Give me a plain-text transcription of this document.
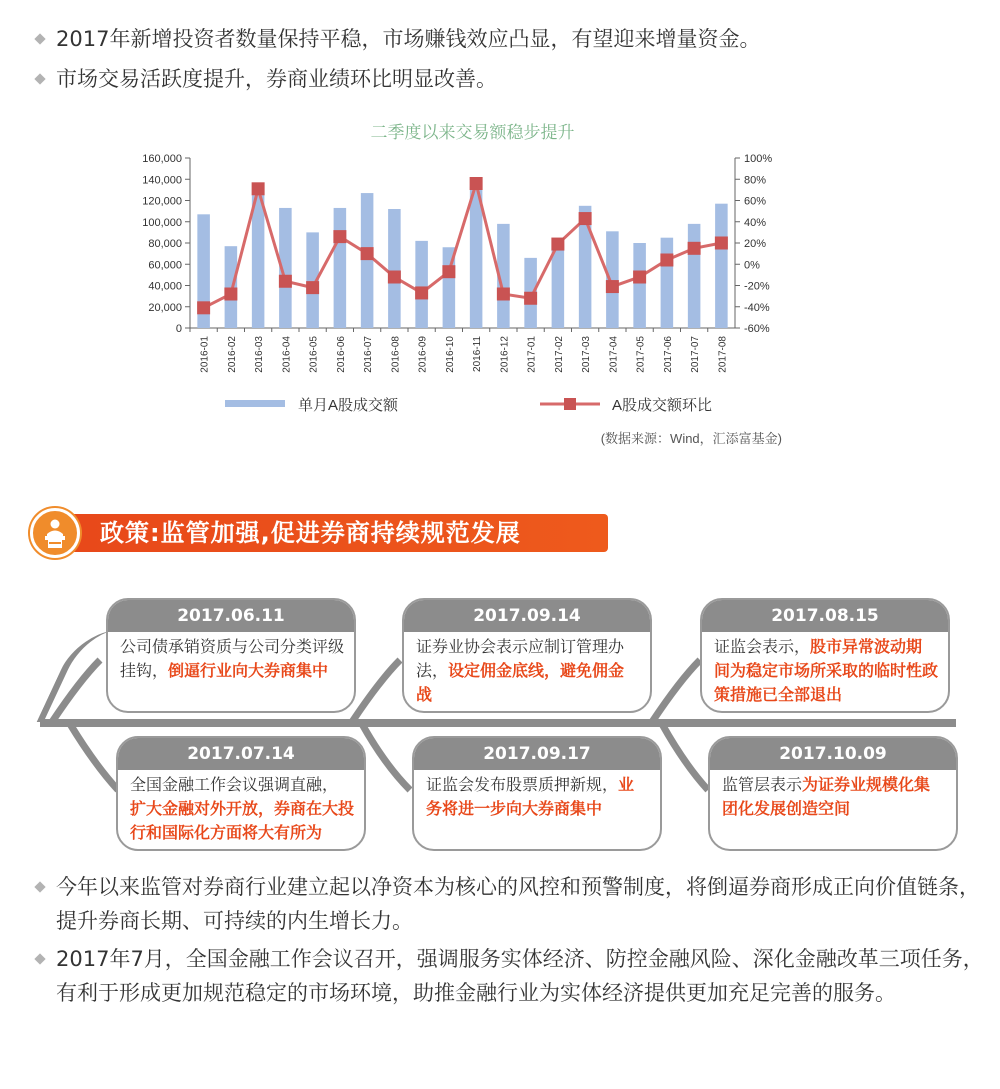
2017年新增投资者数量保持平稳，市场赚钱效应凸显，有望迎来增量资金。
市场交易活跃度提升，券商业绩环比明显改善。
二季度以来交易额稳步提升
0
20,000
40,000
60,000
80,000
100,000
120,000
140,000
160,000
-60%
-40%
-20%
0%
20%
40%
60%
80%
100%
2016-01 2016-02 2016-03 2016-04 2016-05 2016-06 2016-07 2016-08 2016-09 2016-10 2016-11 2016-12 2017-01 2017-02 2017-03 2017-04 2017-05 2017-06 2017-07 2017-08
单月A股成交额	A股成交额环比
(数据来源：Wind，汇添富基金)
政策:监管加强,促进券商持续规范发展
2017.06.11
公司债承销资质与公司分类评级挂钩，倒逼行业向大券商集中
2017.09.14
证券业协会表示应制订管理办法，设定佣金底线，避免佣金战
2017.08.15
证监会表示，股市异常波动期间为稳定市场所采取的临时性政策措施已全部退出
2017.07.14
全国金融工作会议强调直融，扩大金融对外开放，券商在大投行和国际化方面将大有所为
2017.09.17
证监会发布股票质押新规，业务将进一步向大券商集中
2017.10.09
监管层表示为证券业规模化集团化发展创造空间
今年以来监管对券商行业建立起以净资本为核心的风控和预警制度，将倒逼券商形成正向价值链条，提升券商长期、可持续的内生增长力。
2017年7月，全国金融工作会议召开，强调服务实体经济、防控金融风险、深化金融改革三项任务，有利于形成更加规范稳定的市场环境，助推金融行业为实体经济提供更加充足完善的服务。
